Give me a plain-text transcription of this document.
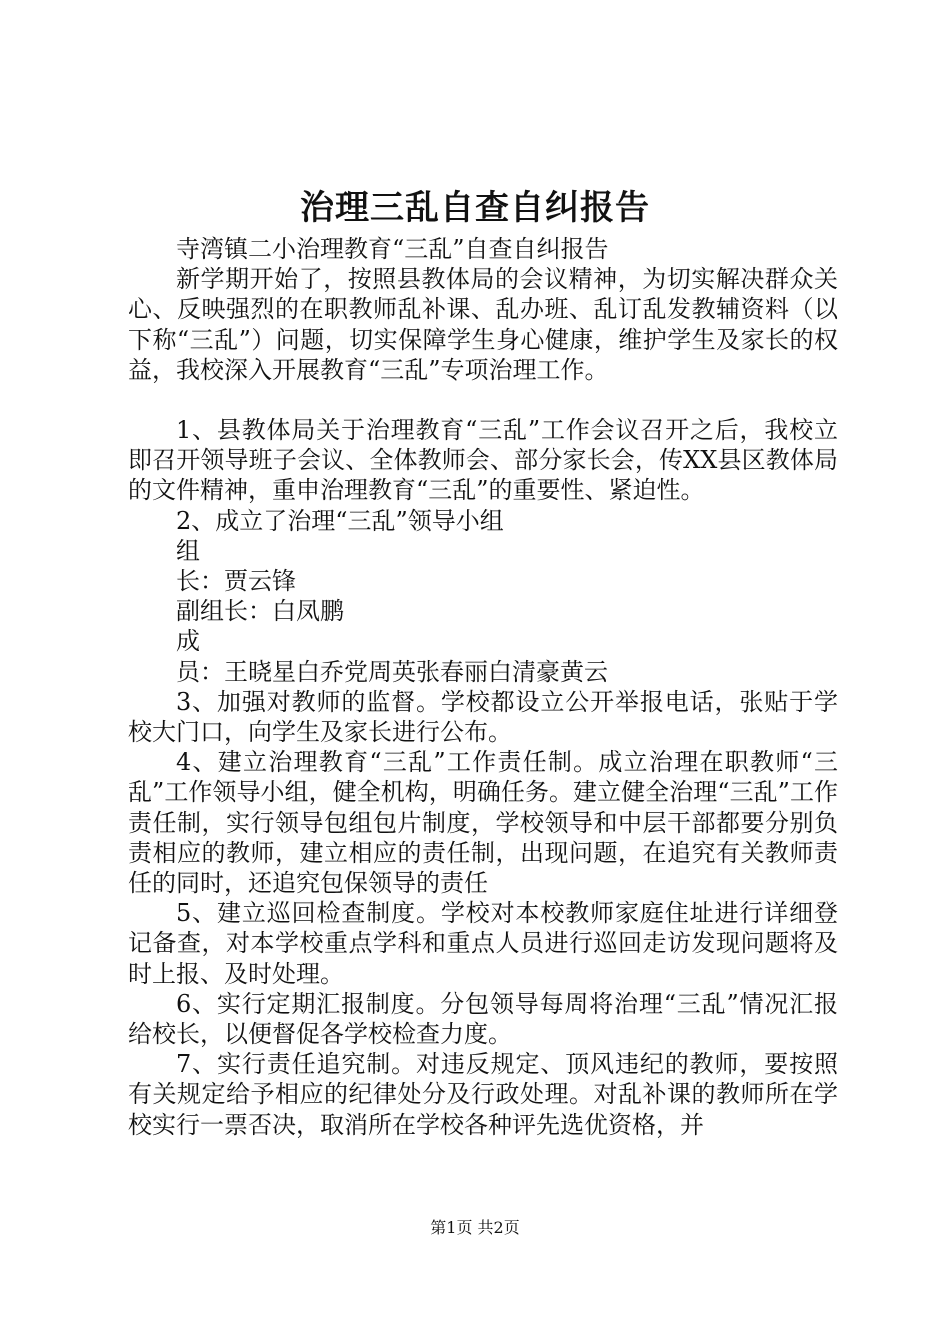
治理三乱自查自纠报告

寺湾镇二小治理教育“三乱”自查自纠报告

新学期开始了，按照县教体局的会议精神，为切实解决群众关心、反映强烈的在职教师乱补课、乱办班、乱订乱发教辅资料（以下称“三乱”）问题，切实保障学生身心健康，维护学生及家长的权益，我校深入开展教育“三乱”专项治理工作。

1、县教体局关于治理教育“三乱”工作会议召开之后，我校立即召开领导班子会议、全体教师会、部分家长会，传XX县区教体局的文件精神，重申治理教育“三乱”的重要性、紧迫性。

2、成立了治理“三乱”领导小组

组

长：贾云锋

副组长：白凤鹏

成

员：王晓星白乔党周英张春丽白清豪黄云

3、加强对教师的监督。学校都设立公开举报电话，张贴于学校大门口，向学生及家长进行公布。

4、建立治理教育“三乱”工作责任制。成立治理在职教师“三乱”工作领导小组，健全机构，明确任务。建立健全治理“三乱”工作责任制，实行领导包组包片制度，学校领导和中层干部都要分别负责相应的教师，建立相应的责任制，出现问题，在追究有关教师责任的同时，还追究包保领导的责任

5、建立巡回检查制度。学校对本校教师家庭住址进行详细登记备查，对本学校重点学科和重点人员进行巡回走访发现问题将及时上报、及时处理。

6、实行定期汇报制度。分包领导每周将治理“三乱”情况汇报给校长，以便督促各学校检查力度。

7、实行责任追究制。对违反规定、顶风违纪的教师，要按照有关规定给予相应的纪律处分及行政处理。对乱补课的教师所在学校实行一票否决，取消所在学校各种评先选优资格，并

第1页 共2页
